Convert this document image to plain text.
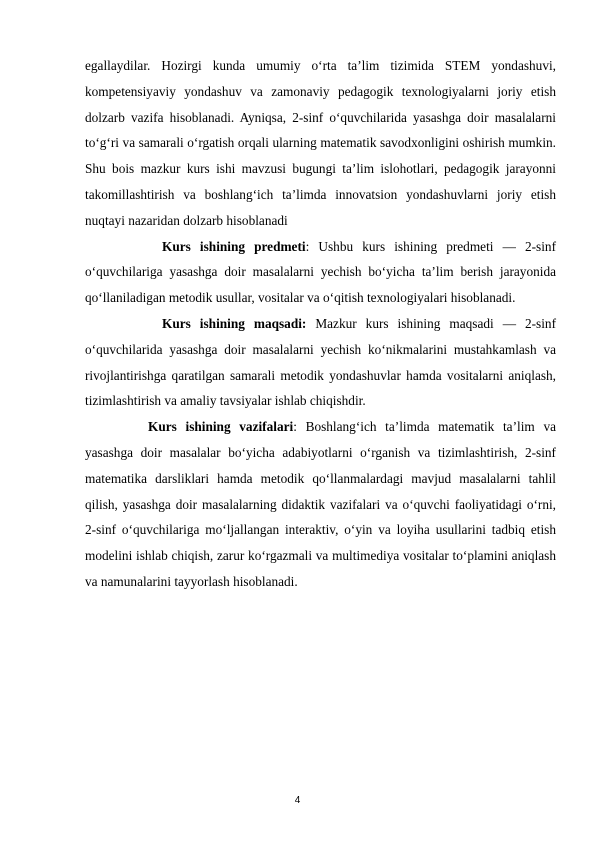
egallaydilar. Hozirgi kunda umumiy o‘rta ta’lim tizimida STEM yondashuvi, kompetensiyaviy yondashuv va zamonaviy pedagogik texnologiyalarni joriy etish dolzarb vazifa hisoblanadi. Ayniqsa, 2-sinf o‘quvchilarida yasashga doir masalalarni to‘g‘ri va samarali o‘rgatish orqali ularning matematik savodxonligini oshirish mumkin. Shu bois mazkur kurs ishi mavzusi bugungi ta’lim islohotlari, pedagogik jarayonni takomillashtirish va boshlang‘ich ta’limda innovatsion yondashuvlarni joriy etish nuqtayi nazaridan dolzarb hisoblanadi

Kurs ishining predmeti: Ushbu kurs ishining predmeti — 2-sinf o‘quvchilariga yasashga doir masalalarni yechish bo‘yicha ta’lim berish jarayonida qo‘llaniladigan metodik usullar, vositalar va o‘qitish texnologiyalari hisoblanadi.

Kurs ishining maqsadi: Mazkur kurs ishining maqsadi — 2-sinf o‘quvchilarida yasashga doir masalalarni yechish ko‘nikmalarini mustahkamlash va rivojlantirishga qaratilgan samarali metodik yondashuvlar hamda vositalarni aniqlash, tizimlashtirish va amaliy tavsiyalar ishlab chiqishdir.

Kurs ishining vazifalari: Boshlang‘ich ta’limda matematik ta’lim va yasashga doir masalalar bo‘yicha adabiyotlarni o‘rganish va tizimlashtirish, 2-sinf matematika darsliklari hamda metodik qo‘llanmalardagi mavjud masalalarni tahlil qilish, yasashga doir masalalarning didaktik vazifalari va o‘quvchi faoliyatidagi o‘rni, 2-sinf o‘quvchilariga mo‘ljallangan interaktiv, o‘yin va loyiha usullarini tadbiq etish modelini ishlab chiqish, zarur ko‘rgazmali va multimediya vositalar to‘plamini aniqlash va namunalarini tayyorlash hisoblanadi.

4
